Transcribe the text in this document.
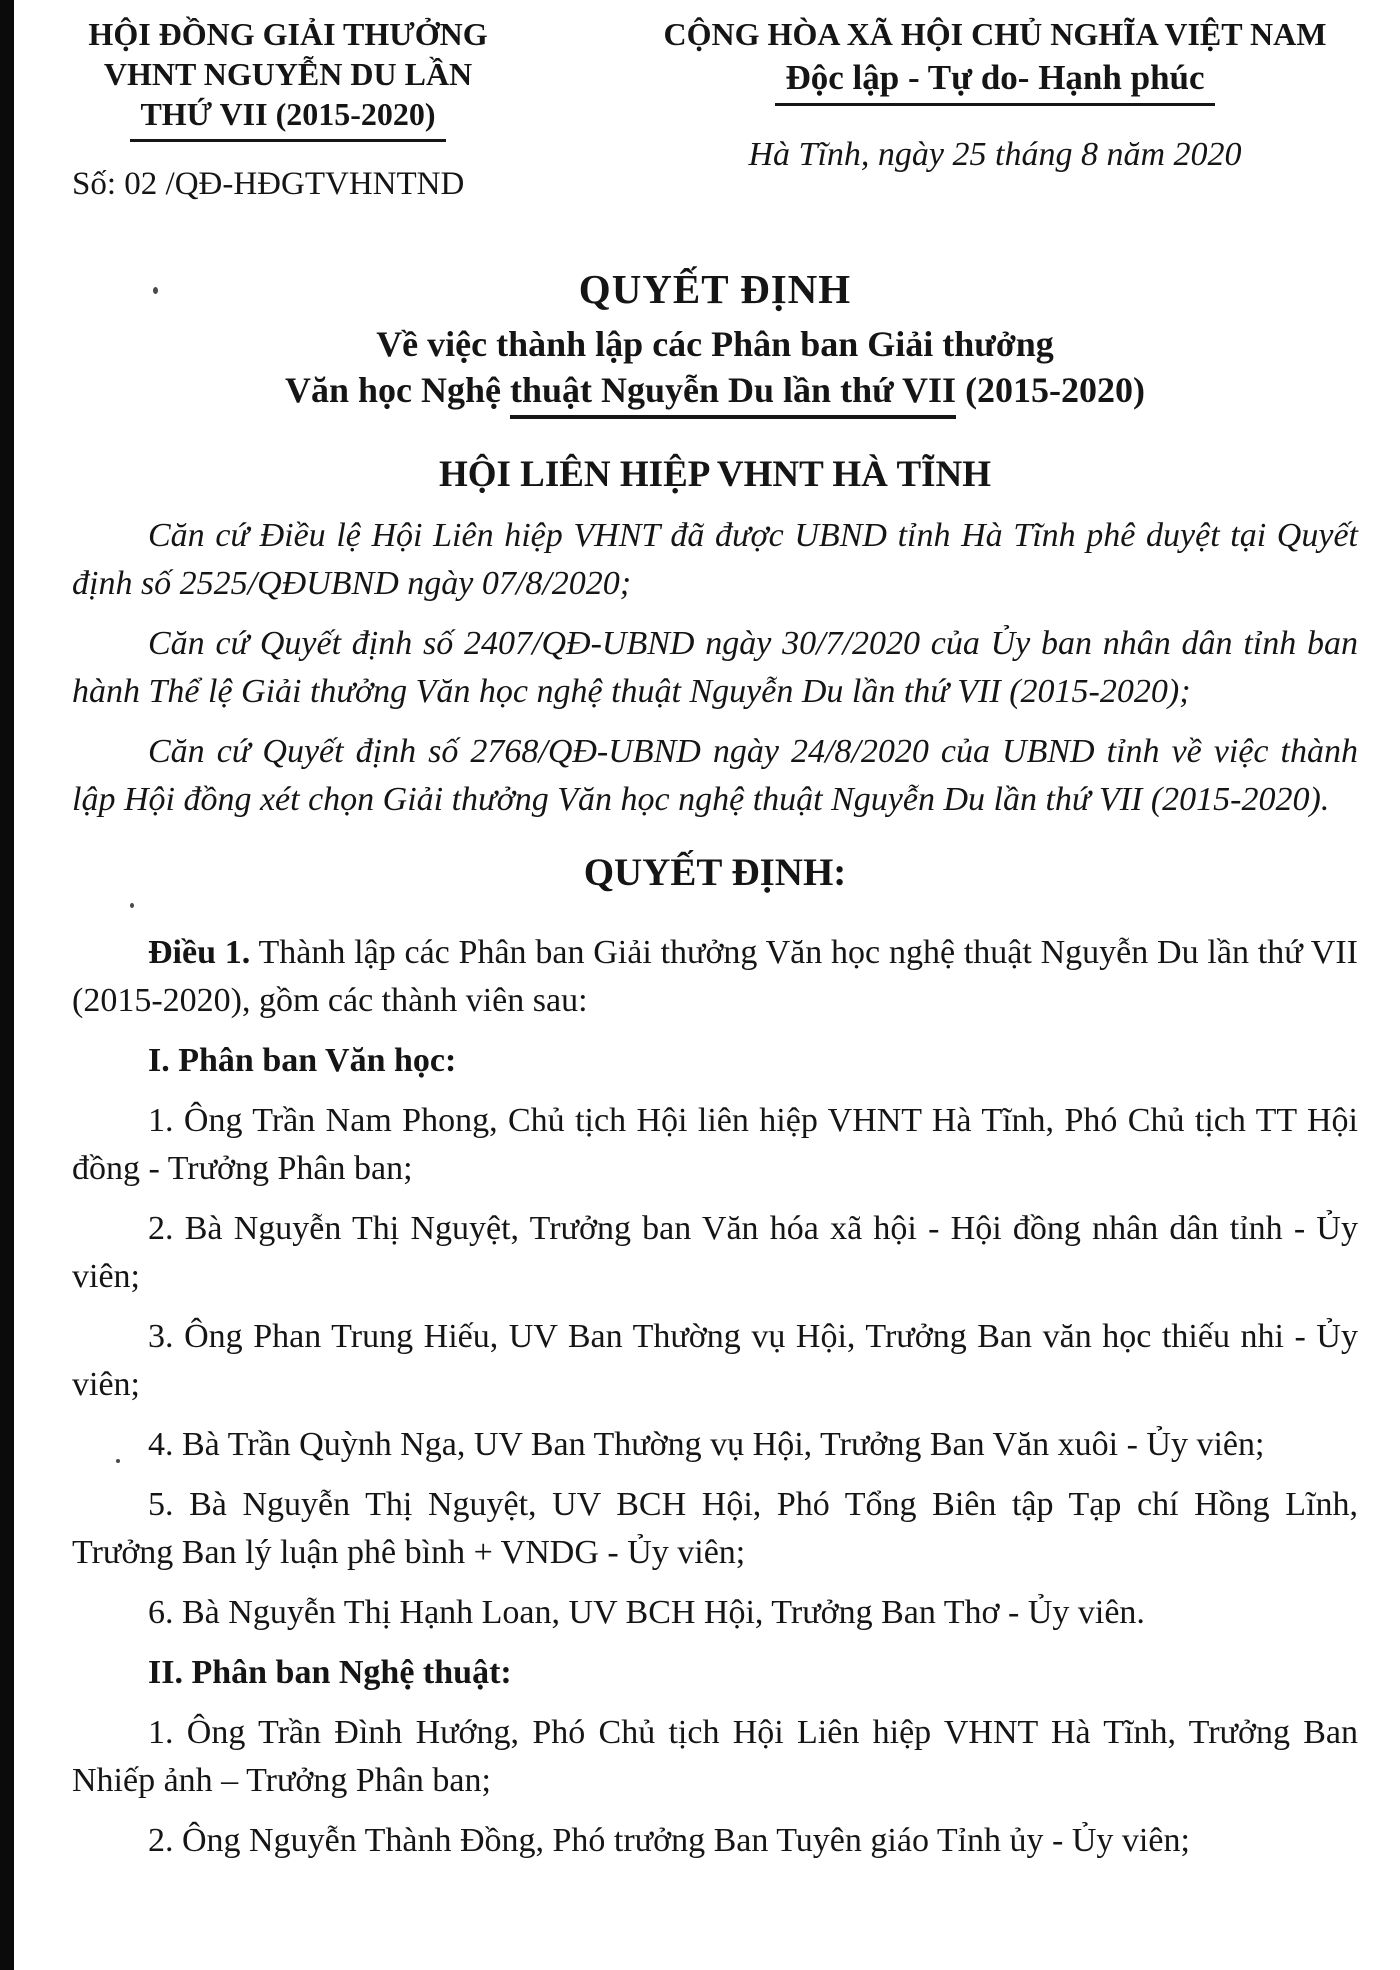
HỘI ĐỒNG GIẢI THƯỞNG
VHNT NGUYỄN DU LẦN
THỨ VII (2015-2020)
Số: 02 /QĐ-HĐGTVHNTND
CỘNG HÒA XÃ HỘI CHỦ NGHĨA VIỆT NAM
Độc lập - Tự do- Hạnh phúc
Hà Tĩnh, ngày 25 tháng 8 năm 2020
QUYẾT ĐỊNH
Về việc thành lập các Phân ban Giải thưởng
Văn học Nghệ thuật Nguyễn Du lần thứ VII (2015-2020)
HỘI LIÊN HIỆP VHNT HÀ TĨNH

Căn cứ Điều lệ Hội Liên hiệp VHNT đã được UBND tỉnh Hà Tĩnh phê duyệt tại Quyết định số 2525/QĐUBND ngày 07/8/2020;

Căn cứ Quyết định số 2407/QĐ-UBND ngày 30/7/2020 của Ủy ban nhân dân tỉnh ban hành Thể lệ Giải thưởng Văn học nghệ thuật Nguyễn Du lần thứ VII (2015-2020);

Căn cứ Quyết định số 2768/QĐ-UBND ngày 24/8/2020 của UBND tỉnh về việc thành lập Hội đồng xét chọn Giải thưởng Văn học nghệ thuật Nguyễn Du lần thứ VII (2015-2020).

QUYẾT ĐỊNH:

Điều 1. Thành lập các Phân ban Giải thưởng Văn học nghệ thuật Nguyễn Du lần thứ VII (2015-2020), gồm các thành viên sau:

I. Phân ban Văn học:

1. Ông Trần Nam Phong, Chủ tịch Hội liên hiệp VHNT Hà Tĩnh, Phó Chủ tịch TT Hội đồng - Trưởng Phân ban;

2. Bà Nguyễn Thị Nguyệt, Trưởng ban Văn hóa xã hội - Hội đồng nhân dân tỉnh - Ủy viên;

3. Ông Phan Trung Hiếu, UV Ban Thường vụ Hội, Trưởng Ban văn học thiếu nhi - Ủy viên;

4. Bà Trần Quỳnh Nga, UV Ban Thường vụ Hội, Trưởng Ban Văn xuôi - Ủy viên;

5. Bà Nguyễn Thị Nguyệt, UV BCH Hội, Phó Tổng Biên tập Tạp chí Hồng Lĩnh, Trưởng Ban lý luận phê bình + VNDG - Ủy viên;

6. Bà Nguyễn Thị Hạnh Loan, UV BCH Hội, Trưởng Ban Thơ - Ủy viên.

II. Phân ban Nghệ thuật:

1. Ông Trần Đình Hướng, Phó Chủ tịch Hội Liên hiệp VHNT Hà Tĩnh, Trưởng Ban Nhiếp ảnh – Trưởng Phân ban;

2. Ông Nguyễn Thành Đồng, Phó trưởng Ban Tuyên giáo Tỉnh ủy - Ủy viên;
